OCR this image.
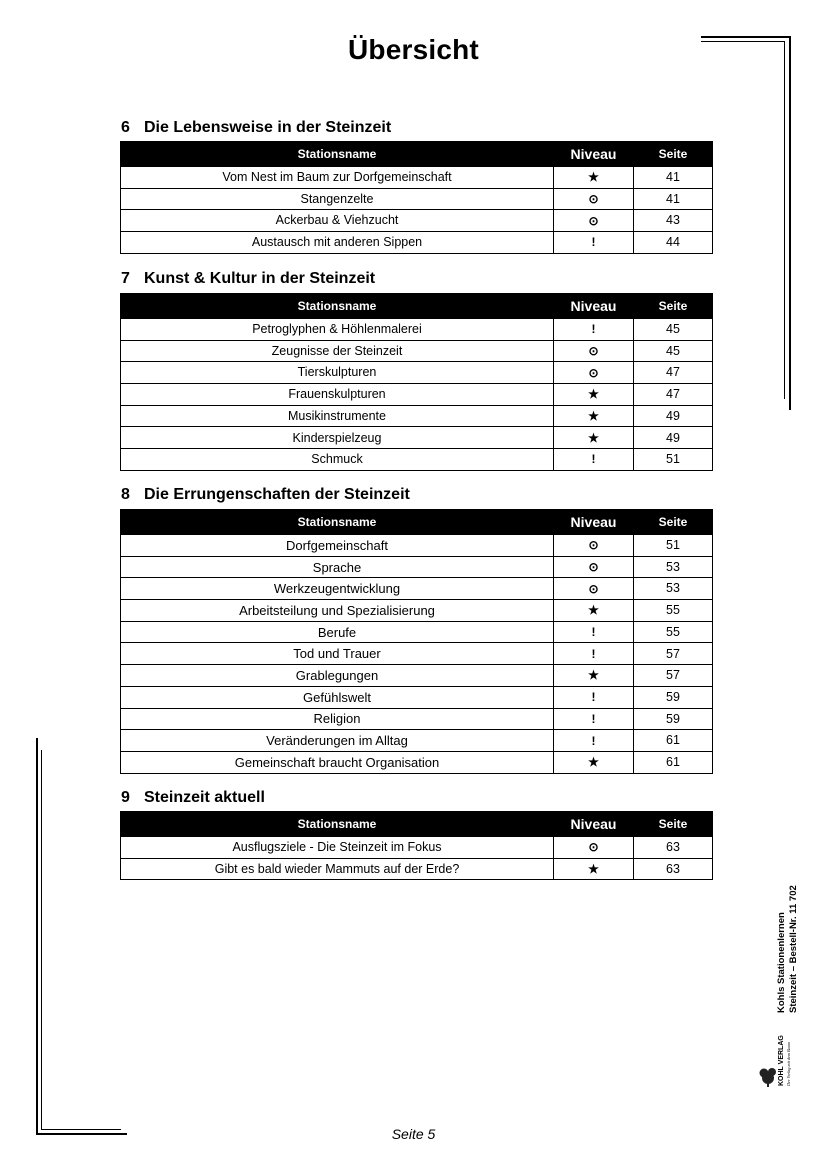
Übersicht
6 Die Lebensweise in der Steinzeit
Stationsname	Niveau	Seite
Vom Nest im Baum zur Dorfgemeinschaft	★	41
Stangenzelte	⊙	41
Ackerbau & Viehzucht	⊙	43
Austausch mit anderen Sippen	!	44
7 Kunst & Kultur in der Steinzeit
Stationsname	Niveau	Seite
Petroglyphen & Höhlenmalerei	!	45
Zeugnisse der Steinzeit	⊙	45
Tierskulpturen	⊙	47
Frauenskulpturen	★	47
Musikinstrumente	★	49
Kinderspielzeug	★	49
Schmuck	!	51
8 Die Errungenschaften der Steinzeit
Stationsname	Niveau	Seite
Dorfgemeinschaft	⊙	51
Sprache	⊙	53
Werkzeugentwicklung	⊙	53
Arbeitsteilung und Spezialisierung	★	55
Berufe	!	55
Tod und Trauer	!	57
Grablegungen	★	57
Gefühlswelt	!	59
Religion	!	59
Veränderungen im Alltag	!	61
Gemeinschaft braucht Organisation	★	61
9 Steinzeit aktuell
Stationsname	Niveau	Seite
Ausflugsziele - Die Steinzeit im Fokus	⊙	63
Gibt es bald wieder Mammuts auf der Erde?	★	63
Kohls Stationenlernen Steinzeit – Bestell-Nr. 11 702
KOHL VERLAG Der Verlag mit dem Baum
Seite 5
